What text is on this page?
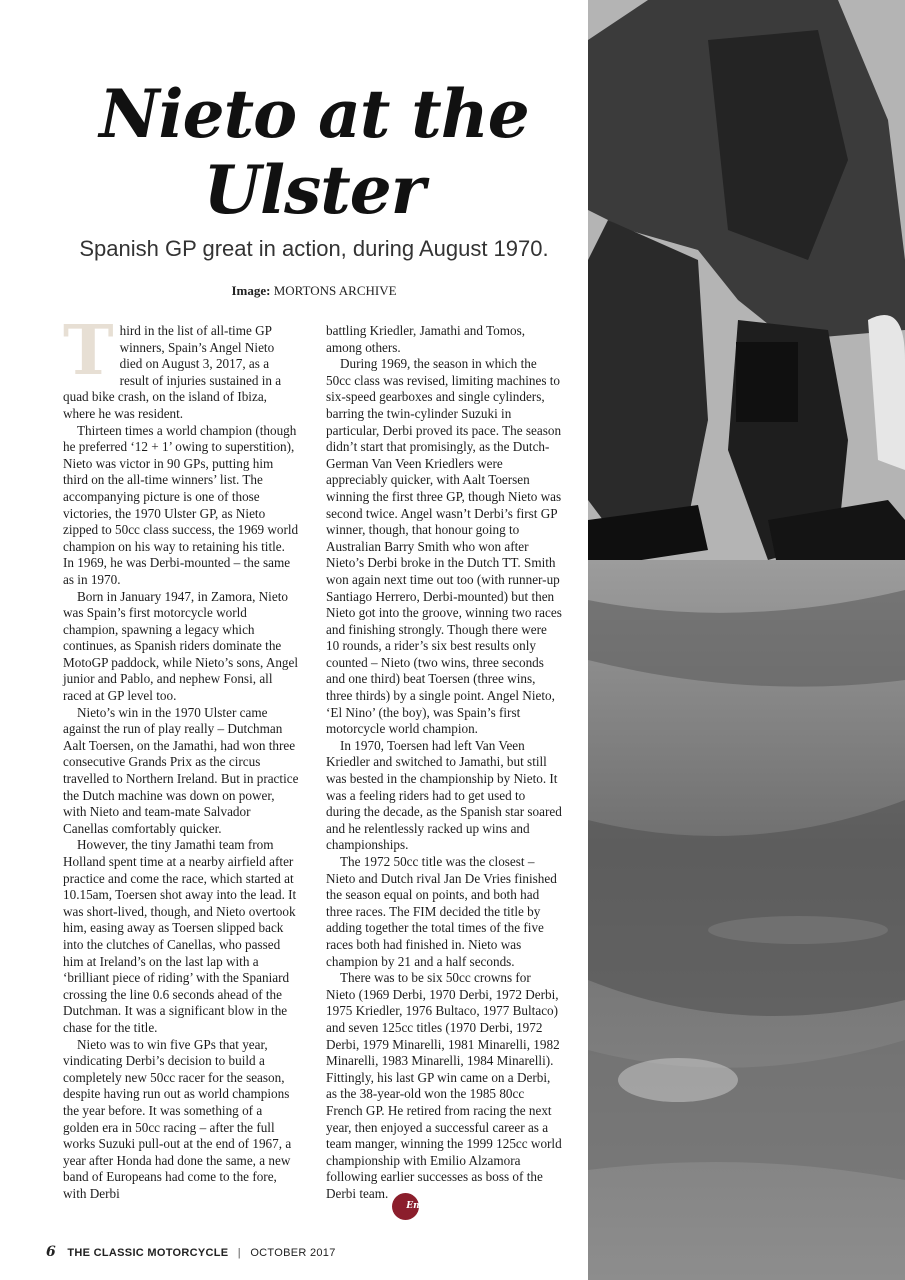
Nieto at the
Ulster
Spanish GP great in action, during August 1970.
Image: MORTONS ARCHIVE

Third in the list of all-time GP winners, Spain’s Angel Nieto died on August 3, 2017, as a result of injuries sustained in a quad bike crash, on the island of Ibiza, where he was resident.

Thirteen times a world champion (though he preferred ‘12 + 1’ owing to superstition), Nieto was victor in 90 GPs, putting him third on the all-time winners’ list. The accompanying picture is one of those victories, the 1970 Ulster GP, as Nieto zipped to 50cc class success, the 1969 world champion on his way to retaining his title. In 1969, he was Derbi-mounted – the same as in 1970.

Born in January 1947, in Zamora, Nieto was Spain’s first motorcycle world champion, spawning a legacy which continues, as Spanish riders dominate the MotoGP paddock, while Nieto’s sons, Angel junior and Pablo, and nephew Fonsi, all raced at GP level too.

Nieto’s win in the 1970 Ulster came against the run of play really – Dutchman Aalt Toersen, on the Jamathi, had won three consecutive Grands Prix as the circus travelled to Northern Ireland. But in practice the Dutch machine was down on power, with Nieto and team-mate Salvador Canellas comfortably quicker.

However, the tiny Jamathi team from Holland spent time at a nearby airfield after practice and come the race, which started at 10.15am, Toersen shot away into the lead. It was short-lived, though, and Nieto overtook him, easing away as Toersen slipped back into the clutches of Canellas, who passed him at Ireland’s on the last lap with a ‘brilliant piece of riding’ with the Spaniard crossing the line 0.6 seconds ahead of the Dutchman. It was a significant blow in the chase for the title.

Nieto was to win five GPs that year, vindicating Derbi’s decision to build a completely new 50cc racer for the season, despite having run out as world champions the year before. It was something of a golden era in 50cc racing – after the full works Suzuki pull-out at the end of 1967, a year after Honda had done the same, a new band of Europeans had come to the fore, with Derbi

battling Kriedler, Jamathi and Tomos, among others.

During 1969, the season in which the 50cc class was revised, limiting machines to six-speed gearboxes and single cylinders, barring the twin-cylinder Suzuki in particular, Derbi proved its pace. The season didn’t start that promisingly, as the Dutch-German Van Veen Kriedlers were appreciably quicker, with Aalt Toersen winning the first three GP, though Nieto was second twice. Angel wasn’t Derbi’s first GP winner, though, that honour going to Australian Barry Smith who won after Nieto’s Derbi broke in the Dutch TT. Smith won again next time out too (with runner-up Santiago Herrero, Derbi-mounted) but then Nieto got into the groove, winning two races and finishing strongly. Though there were 10 rounds, a rider’s six best results only counted – Nieto (two wins, three seconds and one third) beat Toersen (three wins, three thirds) by a single point. Angel Nieto, ‘El Nino’ (the boy), was Spain’s first motorcycle world champion.

In 1970, Toersen had left Van Veen Kriedler and switched to Jamathi, but still was bested in the championship by Nieto. It was a feeling riders had to get used to during the decade, as the Spanish star soared and he relentlessly racked up wins and championships.

The 1972 50cc title was the closest – Nieto and Dutch rival Jan De Vries finished the season equal on points, and both had three races. The FIM decided the title by adding together the total times of the five races both had finished in. Nieto was champion by 21 and a half seconds.

There was to be six 50cc crowns for Nieto (1969 Derbi, 1970 Derbi, 1972 Derbi, 1975 Kriedler, 1976 Bultaco, 1977 Bultaco) and seven 125cc titles (1970 Derbi, 1972 Derbi, 1979 Minarelli, 1981 Minarelli, 1982 Minarelli, 1983 Minarelli, 1984 Minarelli). Fittingly, his last GP win came on a Derbi, as the 38-year-old won the 1985 80cc French GP. He retired from racing the next year, then enjoyed a successful career as a team manger, winning the 1999 125cc world championship with Emilio Alzamora following earlier successes as boss of the Derbi team.End

6 THE CLASSIC MOTORCYCLE | OCTOBER 2017
